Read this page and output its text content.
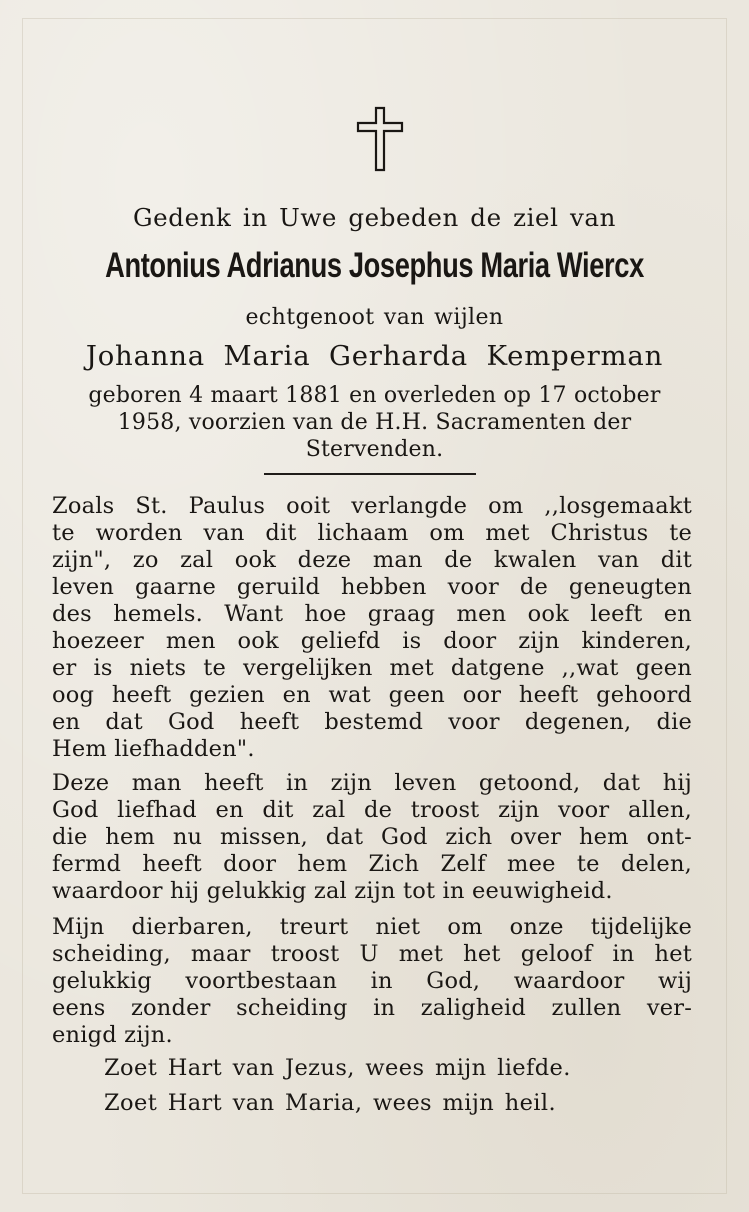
Gedenk in Uwe gebeden de ziel van
Antonius Adrianus Josephus Maria Wiercx
echtgenoot van wijlen
Johanna Maria Gerharda Kemperman
geboren 4 maart 1881 en overleden op 17 october
1958, voorzien van de H.H. Sacramenten der
Stervenden.
Zoals St. Paulus ooit verlangde om ,,losgemaakt
te worden van dit lichaam om met Christus te
zijn", zo zal ook deze man de kwalen van dit
leven gaarne geruild hebben voor de geneugten
des hemels. Want hoe graag men ook leeft en
hoezeer men ook geliefd is door zijn kinderen,
er is niets te vergelijken met datgene ,,wat geen
oog heeft gezien en wat geen oor heeft gehoord
en dat God heeft bestemd voor degenen, die
Hem liefhadden".
Deze man heeft in zijn leven getoond, dat hij
God liefhad en dit zal de troost zijn voor allen,
die hem nu missen, dat God zich over hem ont-
fermd heeft door hem Zich Zelf mee te delen,
waardoor hij gelukkig zal zijn tot in eeuwigheid.
Mijn dierbaren, treurt niet om onze tijdelijke
scheiding, maar troost U met het geloof in het
gelukkig voortbestaan in God, waardoor wij
eens zonder scheiding in zaligheid zullen ver-
enigd zijn.
Zoet Hart van Jezus, wees mijn liefde.
Zoet Hart van Maria, wees mijn heil.
